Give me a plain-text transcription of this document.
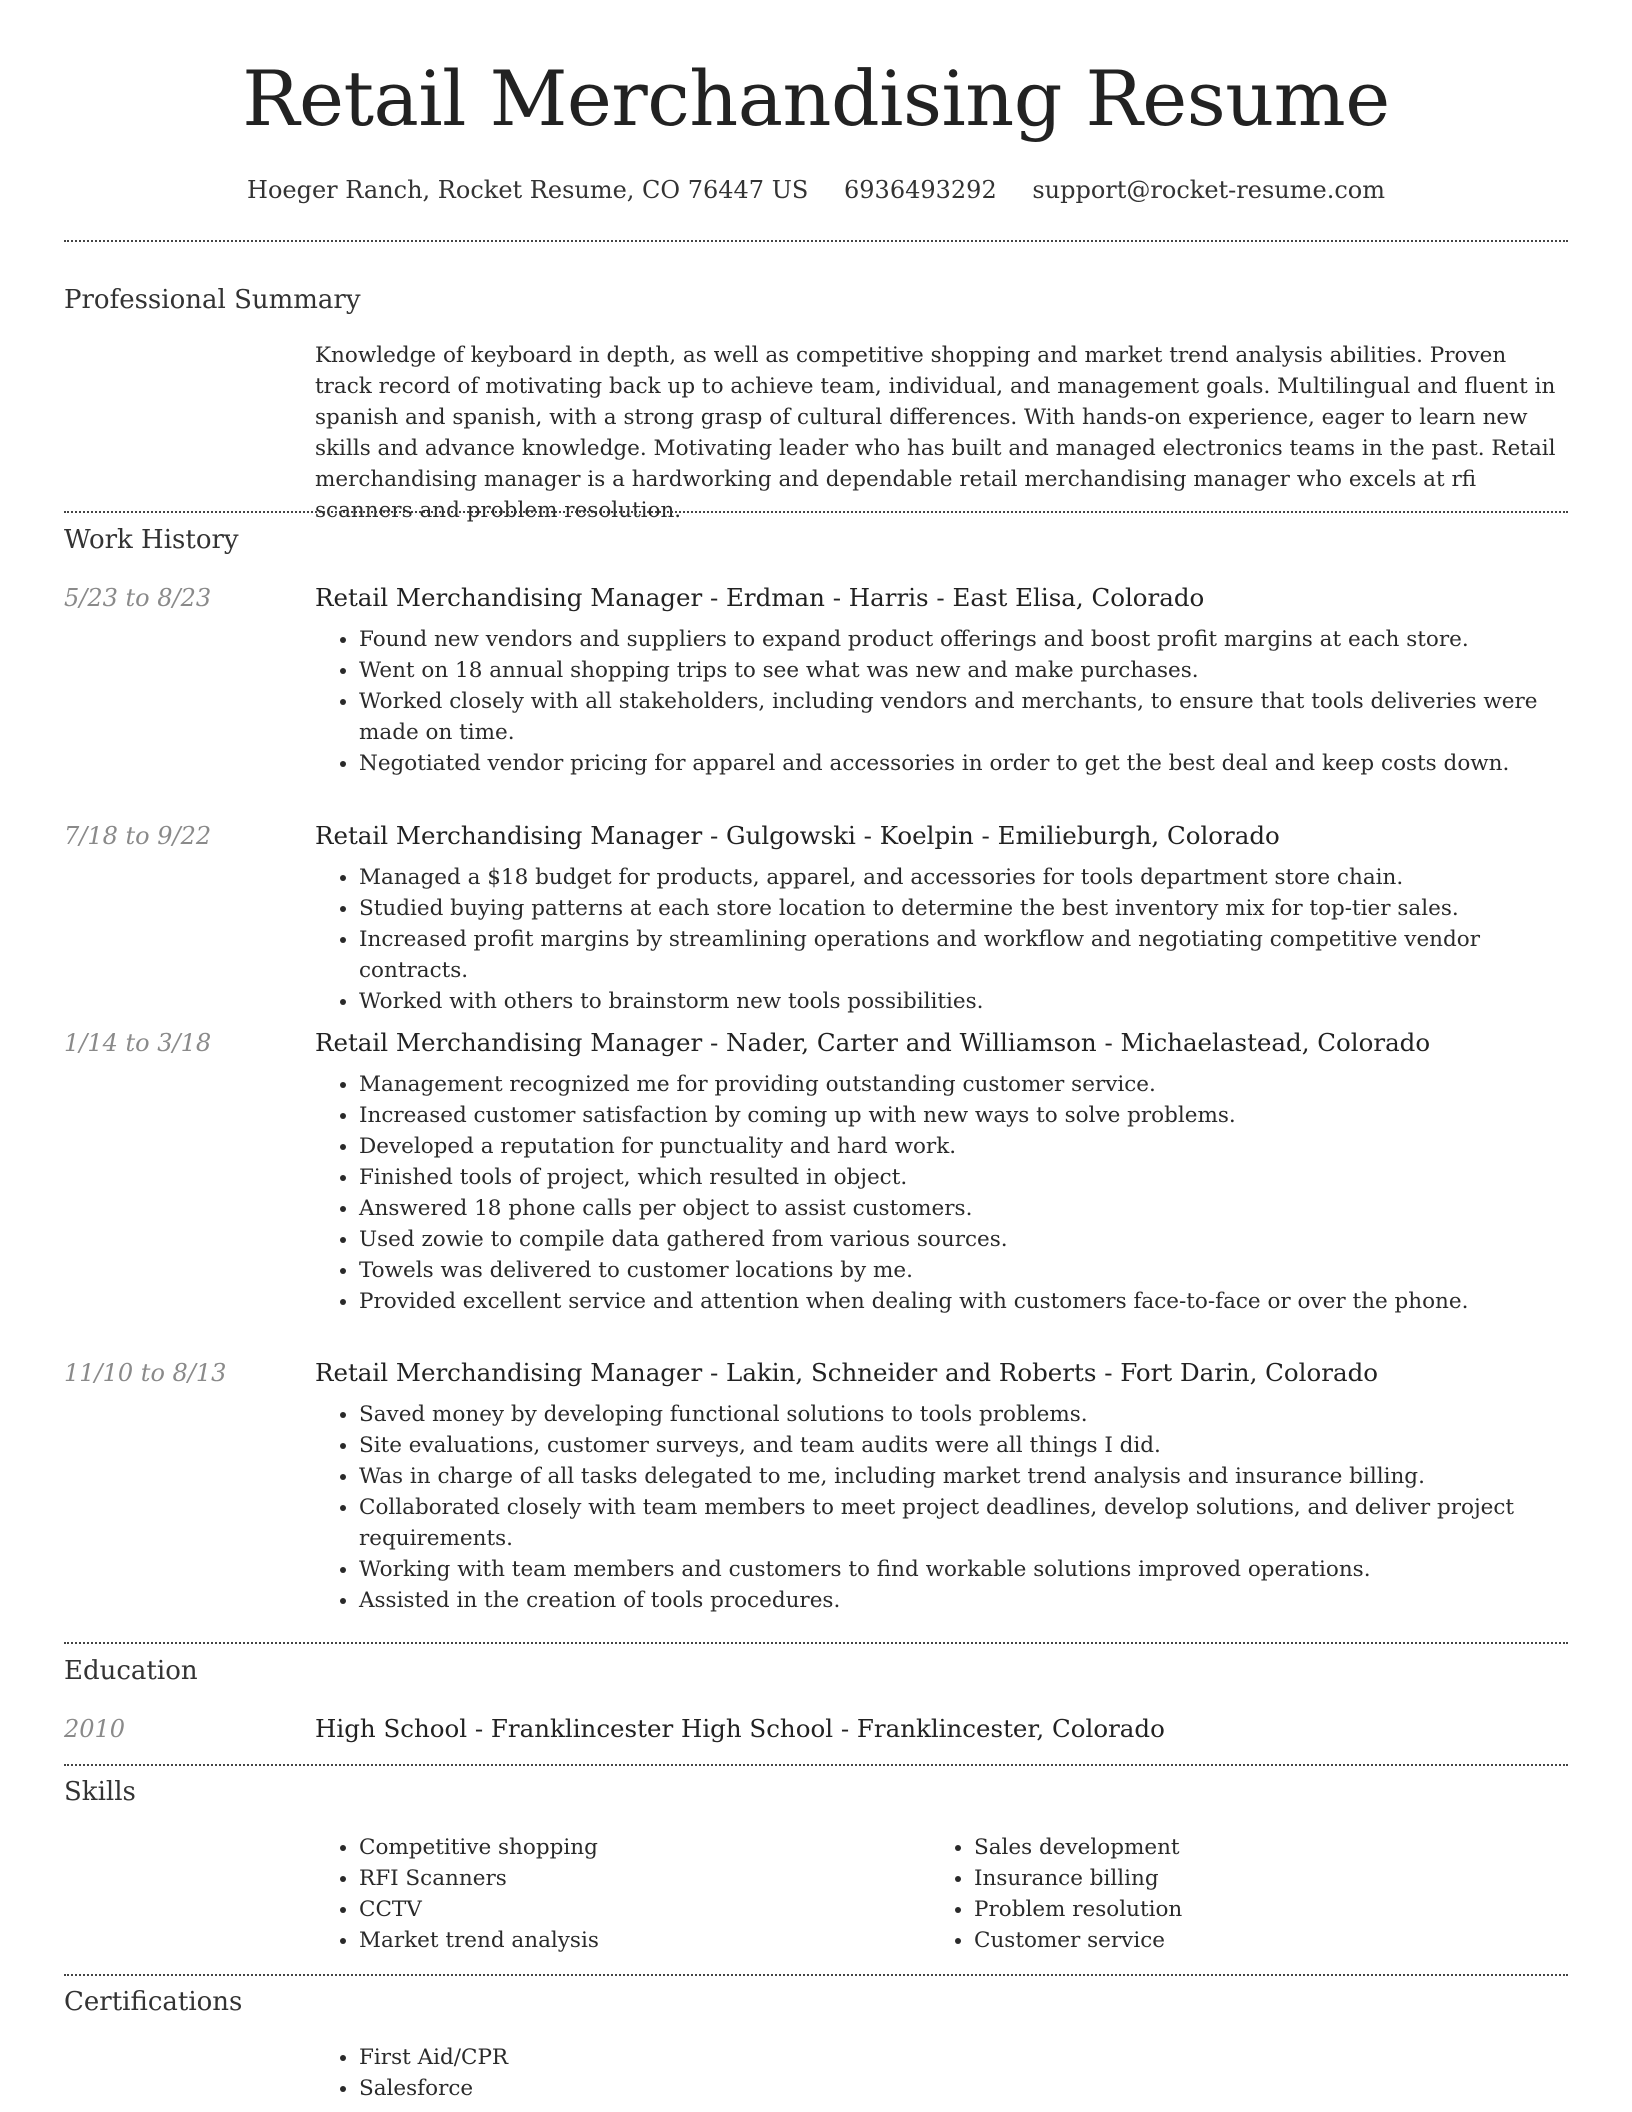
Retail Merchandising Resume
Hoeger Ranch, Rocket Resume, CO 76447 US 6936493292 support@rocket-resume.com
Professional Summary

Knowledge of keyboard in depth, as well as competitive shopping and market trend analysis abilities. Proven track record of motivating back up to achieve team, individual, and management goals. Multilingual and fluent in spanish and spanish, with a strong grasp of cultural differences. With hands-on experience, eager to learn new skills and advance knowledge. Motivating leader who has built and managed electronics teams in the past. Retail merchandising manager is a hardworking and dependable retail merchandising manager who excels at rfi scanners and problem resolution.

Work History
5/23 to 8/23	Retail Merchandising Manager - Erdman - Harris - East Elisa, Colorado
• Found new vendors and suppliers to expand product offerings and boost profit margins at each store.
• Went on 18 annual shopping trips to see what was new and make purchases.
• Worked closely with all stakeholders, including vendors and merchants, to ensure that tools deliveries were made on time.
• Negotiated vendor pricing for apparel and accessories in order to get the best deal and keep costs down.
7/18 to 9/22	Retail Merchandising Manager - Gulgowski - Koelpin - Emilieburgh, Colorado
• Managed a $18 budget for products, apparel, and accessories for tools department store chain.
• Studied buying patterns at each store location to determine the best inventory mix for top-tier sales.
• Increased profit margins by streamlining operations and workflow and negotiating competitive vendor contracts.
• Worked with others to brainstorm new tools possibilities.
1/14 to 3/18	Retail Merchandising Manager - Nader, Carter and Williamson - Michaelastead, Colorado
• Management recognized me for providing outstanding customer service.
• Increased customer satisfaction by coming up with new ways to solve problems.
• Developed a reputation for punctuality and hard work.
• Finished tools of project, which resulted in object.
• Answered 18 phone calls per object to assist customers.
• Used zowie to compile data gathered from various sources.
• Towels was delivered to customer locations by me.
• Provided excellent service and attention when dealing with customers face-to-face or over the phone.
11/10 to 8/13	Retail Merchandising Manager - Lakin, Schneider and Roberts - Fort Darin, Colorado
• Saved money by developing functional solutions to tools problems.
• Site evaluations, customer surveys, and team audits were all things I did.
• Was in charge of all tasks delegated to me, including market trend analysis and insurance billing.
• Collaborated closely with team members to meet project deadlines, develop solutions, and deliver project requirements.
• Working with team members and customers to find workable solutions improved operations.
• Assisted in the creation of tools procedures.
Education
2010	High School - Franklincester High School - Franklincester, Colorado
Skills
• Competitive shopping
• RFI Scanners
• CCTV
• Market trend analysis
• Sales development
• Insurance billing
• Problem resolution
• Customer service
Certifications
• First Aid/CPR
• Salesforce
